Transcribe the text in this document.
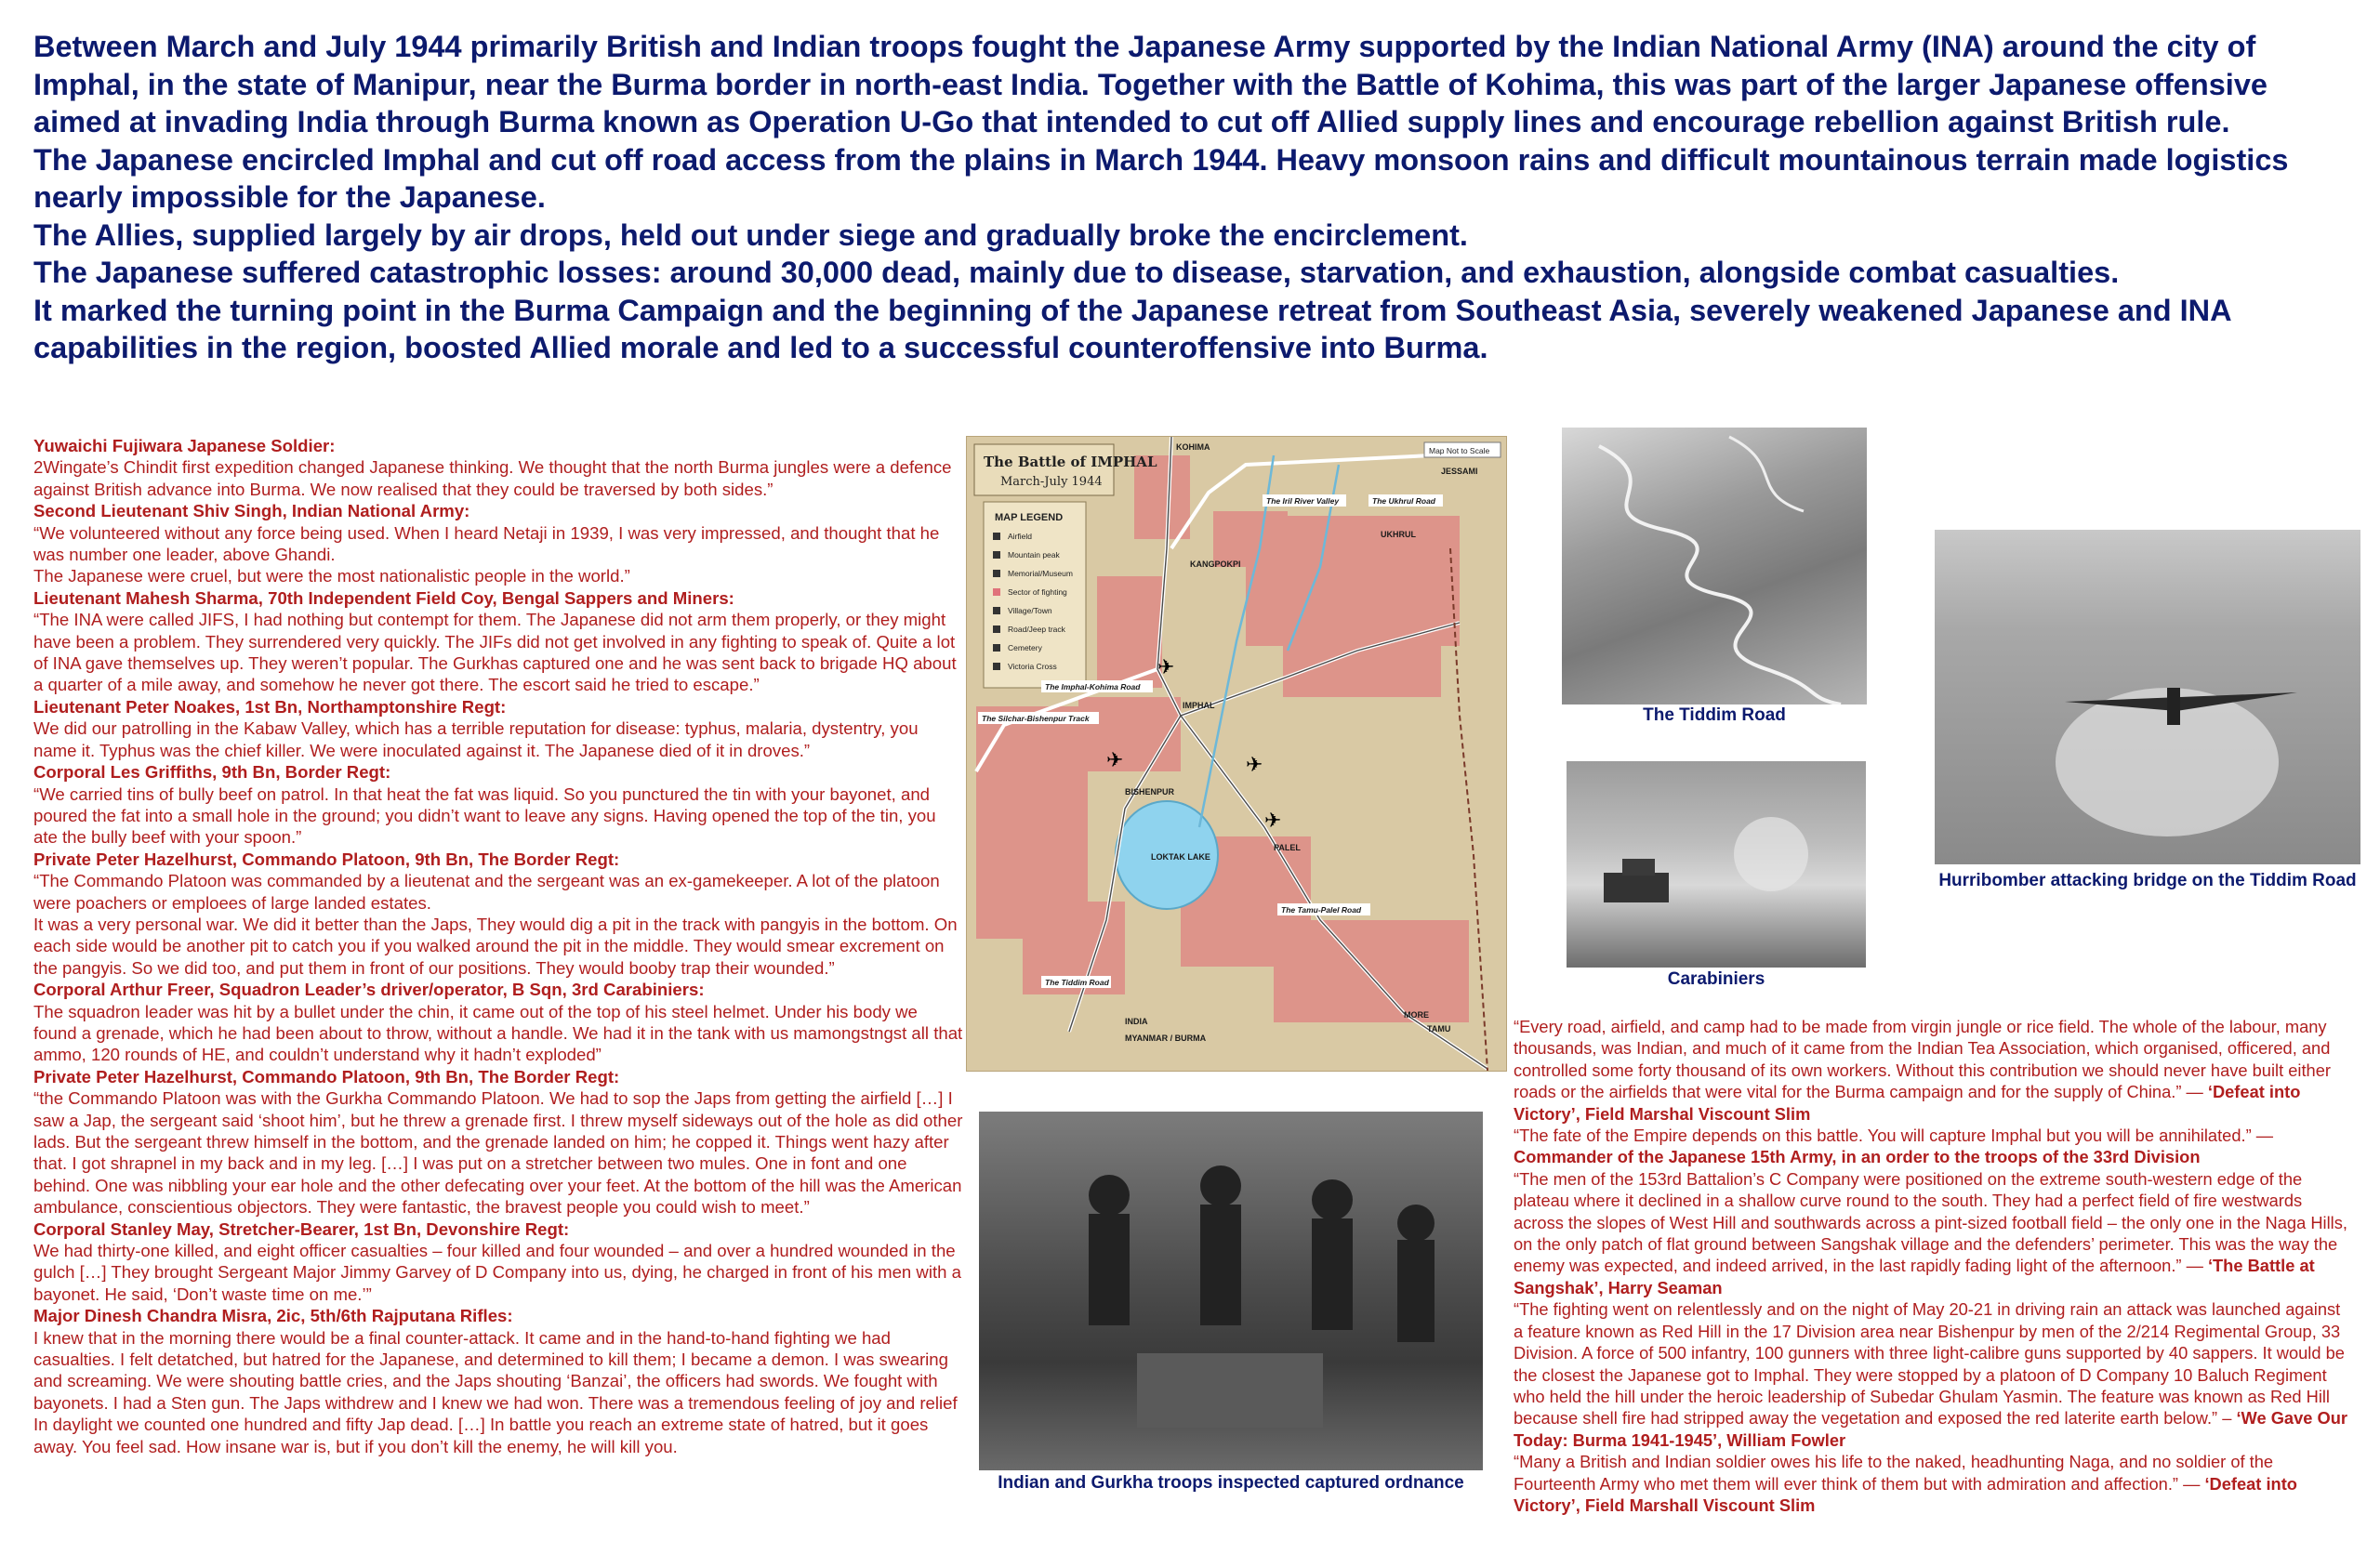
Between March and July 1944 primarily British and Indian troops fought the Japanese Army supported by the Indian National Army (INA) around the city of Imphal, in the state of Manipur, near the Burma border in north-east India. Together with the Battle of Kohima, this was part of the larger Japanese offensive aimed at invading India through Burma known as Operation U-Go that intended to cut off Allied supply lines and encourage rebellion against British rule.

The Japanese encircled Imphal and cut off road access from the plains in March 1944. Heavy monsoon rains and difficult mountainous terrain made logistics nearly impossible for the Japanese.

The Allies, supplied largely by air drops, held out under siege and gradually broke the encirclement.

The Japanese suffered catastrophic losses: around 30,000 dead, mainly due to disease, starvation, and exhaustion, alongside combat casualties.

It marked the turning point in the Burma Campaign and the beginning of the Japanese retreat from Southeast Asia, severely weakened Japanese and INA capabilities in the region, boosted Allied morale and led to a successful counteroffensive into Burma.

Yuwaichi Fujiwara Japanese Soldier:

2Wingate’s Chindit first expedition changed Japanese thinking. We thought that the north Burma jungles were a defence against British advance into Burma. We now realised that they could be traversed by both sides.”

Second Lieutenant Shiv Singh, Indian National Army:

“We volunteered without any force being used. When I heard Netaji in 1939, I was very impressed, and thought that he was number one leader, above Ghandi.
The Japanese were cruel, but were the most nationalistic people in the world.”

Lieutenant Mahesh Sharma, 70th Independent Field Coy, Bengal Sappers and Miners:

“The INA were called JIFS, I had nothing but contempt for them. The Japanese did not arm them properly, or they might have been a problem. They surrendered very quickly. The JIFs did not get involved in any fighting to speak of. Quite a lot of INA gave themselves up. They weren’t popular. The Gurkhas captured one and he was sent back to brigade HQ about a quarter of a mile away, and somehow he never got there. The escort said he tried to escape.”

Lieutenant Peter Noakes, 1st Bn, Northamptonshire Regt:

We did our patrolling in the Kabaw Valley, which has a terrible reputation for disease: typhus, malaria, dystentry, you name it. Typhus was the chief killer. We were inoculated against it. The Japanese died of it in droves.”

Corporal Les Griffiths, 9th Bn, Border Regt:

“We carried tins of bully beef on patrol. In that heat the fat was liquid. So you punctured the tin with your bayonet, and poured the fat into a small hole in the ground; you didn’t want to leave any signs. Having opened the top of the tin, you ate the bully beef with your spoon.”

Private Peter Hazelhurst, Commando Platoon, 9th Bn, The Border Regt:

“The Commando Platoon was commanded by a lieutenat and the sergeant was an ex-gamekeeper. A lot of the platoon were poachers or emploees of large landed estates.
It was a very personal war. We did it better than the Japs, They would dig a pit in the track with pangyis in the bottom. On each side would be another pit to catch you if you walked around the pit in the middle. They would smear excrement on the pangyis. So we did too, and put them in front of our positions. They would booby trap their wounded.”

Corporal Arthur Freer, Squadron Leader’s driver/operator, B Sqn, 3rd Carabiniers:

The squadron leader was hit by a bullet under the chin, it came out of the top of his steel helmet. Under his body we found a grenade, which he had been about to throw, without a handle. We had it in the tank with us mamongstngst all that ammo, 120 rounds of HE, and couldn’t understand why it hadn’t exploded”

Private Peter Hazelhurst, Commando Platoon, 9th Bn, The Border Regt:

“the Commando Platoon was with the Gurkha Commando Platoon. We had to sop the Japs from getting the airfield […] I saw a Jap, the sergeant said ‘shoot him’, but he threw a grenade first. I threw myself sideways out of the hole as did other lads. But the sergeant threw himself in the bottom, and the grenade landed on him; he copped it. Things went hazy after that. I got shrapnel in my back and in my leg. […] I was put on a stretcher between two mules. One in font and one behind. One was nibbling your ear hole and the other defecating over your feet. At the bottom of the hill was the American ambulance, conscientious objectors. They were fantastic, the bravest people you could wish to meet.”

Corporal Stanley May, Stretcher-Bearer, 1st Bn, Devonshire Regt:

We had thirty-one killed, and eight officer casualties – four killed and four wounded – and over a hundred wounded in the gulch […] They brought Sergeant Major Jimmy Garvey of D Company into us, dying, he charged in front of his men with a bayonet. He said, ‘Don’t waste time on me.’”

Major Dinesh Chandra Misra, 2ic, 5th/6th Rajputana Rifles:

I knew that in the morning there would be a final counter-attack. It came and in the hand-to-hand fighting we had casualties. I felt detatched, but hatred for the Japanese, and determined to kill them; I became a demon. I was swearing and screaming. We were shouting battle cries, and the Japs shouting ‘Banzai’, the officers had swords. We fought with bayonets. I had a Sten gun. The Japs withdrew and I knew we had won. There was a tremendous feeling of joy and relief In daylight we counted one hundred and fifty Jap dead. […] In battle you reach an extreme state of hatred, but it goes away. You feel sad. How insane war is, but if you don’t kill the enemy, he will kill you.

✈
✈	✈
✈
The Battle of IMPHAL
March-July 1944
Map Not to Scale
MAP LEGEND
Airfield
Mountain peak
Memorial/Museum
Sector of fighting
Village/Town
Road/Jeep track
Cemetery
Victoria Cross
KOHIMA
IMPHAL
LOKTAK LAKE
BISHENPUR
PALEL
UKHRUL
JESSAMI
KANGPOKPI
TAMU
MORE
INDIA
MYANMAR / BURMA
The Iril River Valley	The Ukhrul Road
The Imphal-Kohima Road
The Silchar-Bishenpur Track
The Tamu-Palel Road
The Tiddim Road
The Tiddim Road
Hurribomber attacking bridge on the Tiddim Road
Carabiniers
Indian and Gurkha troops inspected captured ordnance

“Every road, airfield, and camp had to be made from virgin jungle or rice field. The whole of the labour, many thousands, was Indian, and much of it came from the Indian Tea Association, which organised, officered, and controlled some forty thousand of its own workers. Without this contribution we should never have built either roads or the airfields that were vital for the Burma campaign and for the supply of China.” — ‘Defeat into Victory’, Field Marshal Viscount Slim

“The fate of the Empire depends on this battle. You will capture Imphal but you will be annihilated.” — Commander of the Japanese 15th Army, in an order to the troops of the 33rd Division

“The men of the 153rd Battalion’s C Company were positioned on the extreme south-western edge of the plateau where it declined in a shallow curve round to the south. They had a perfect field of fire westwards across the slopes of West Hill and southwards across a pint-sized football field – the only one in the Naga Hills, on the only patch of flat ground between Sangshak village and the defenders’ perimeter. This was the way the enemy was expected, and indeed arrived, in the last rapidly fading light of the afternoon.” — ‘The Battle at Sangshak’, Harry Seaman

“The fighting went on relentlessly and on the night of May 20-21 in driving rain an attack was launched against a feature known as Red Hill in the 17 Division area near Bishenpur by men of the 2/214 Regimental Group, 33 Division. A force of 500 infantry, 100 gunners with three light-calibre guns supported by 40 sappers. It would be the closest the Japanese got to Imphal. They were stopped by a platoon of D Company 10 Baluch Regiment who held the hill under the heroic leadership of Subedar Ghulam Yasmin. The feature was known as Red Hill because shell fire had stripped away the vegetation and exposed the red laterite earth below.” – ‘We Gave Our Today: Burma 1941-1945’, William Fowler

“Many a British and Indian soldier owes his life to the naked, headhunting Naga, and no soldier of the Fourteenth Army who met them will ever think of them but with admiration and affection.” — ‘Defeat into Victory’, Field Marshall Viscount Slim
